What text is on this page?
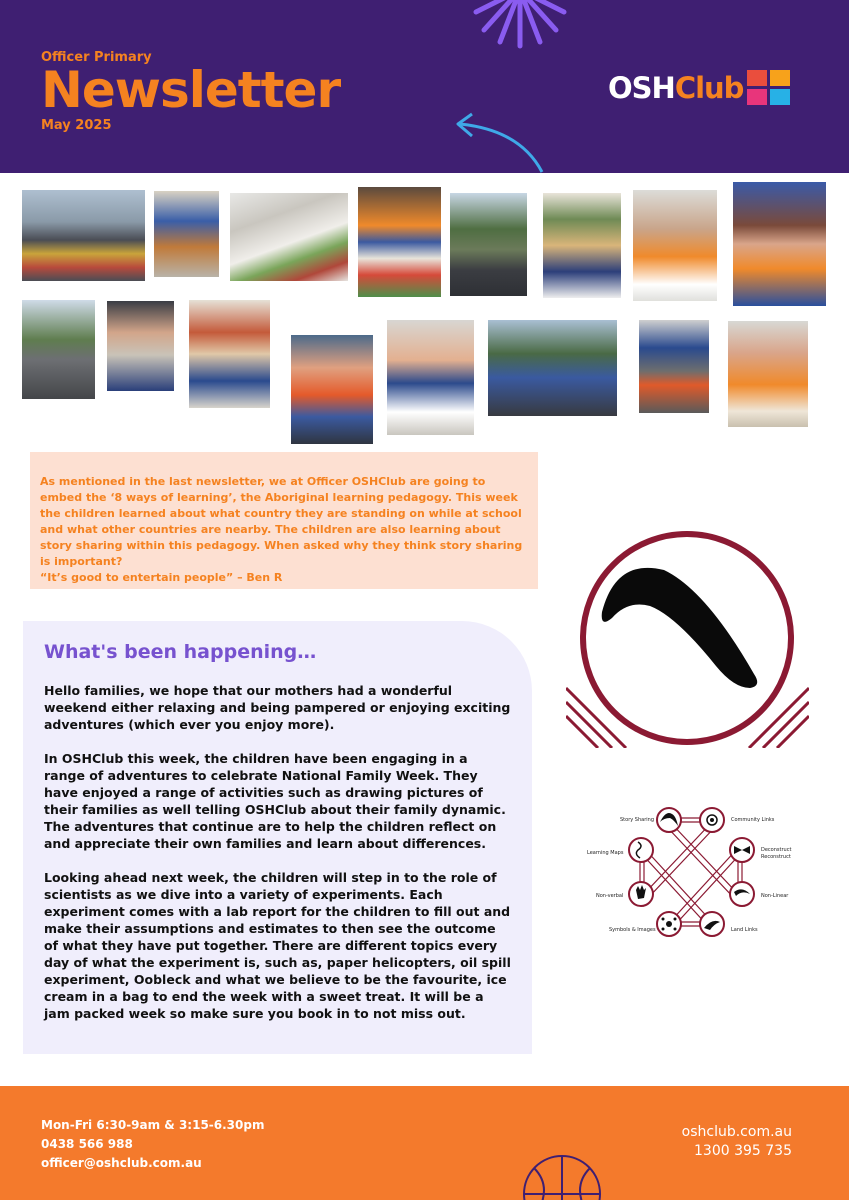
Officer Primary
Newsletter
May 2025
OSHClub

As mentioned in the last newsletter, we at Officer OSHClub are going to embed the ‘8 ways of learning’, the Aboriginal learning pedagogy. This week the children learned about what country they are standing on while at school and what other countries are nearby. The children are also learning about story sharing within this pedagogy. When asked why they think story sharing is important?

“It’s good to entertain people” – Ben R

What's been happening…

Hello families, we hope that our mothers had a wonderful weekend either relaxing and being pampered or enjoying exciting adventures (which ever you enjoy more).

In OSHClub this week, the children have been engaging in a range of adventures to celebrate National Family Week. They have enjoyed a range of activities such as drawing pictures of their families as well telling OSHClub about their family dynamic. The adventures that continue are to help the children reflect on and appreciate their own families and learn about differences.

Looking ahead next week, the children will step in to the role of scientists as we dive into a variety of experiments. Each experiment comes with a lab report for the children to fill out and make their assumptions and estimates to then see the outcome of what they have put together. There are different topics every day of what the experiment is, such as, paper helicopters, oil spill experiment, Oobleck and what we believe to be the favourite, ice cream in a bag to end the week with a sweet treat. It will be a jam packed week so make sure you book in to not miss out.

Story Sharing	Community Links
Learning Maps	Deconstruct
Reconstruct
Non-verbal	Non-Linear
Symbols & Images	Land Links
Mon-Fri 6:30-9am & 3:15-6.30pm
0438 566 988
officer@oshclub.com.au
oshclub.com.au
1300 395 735
